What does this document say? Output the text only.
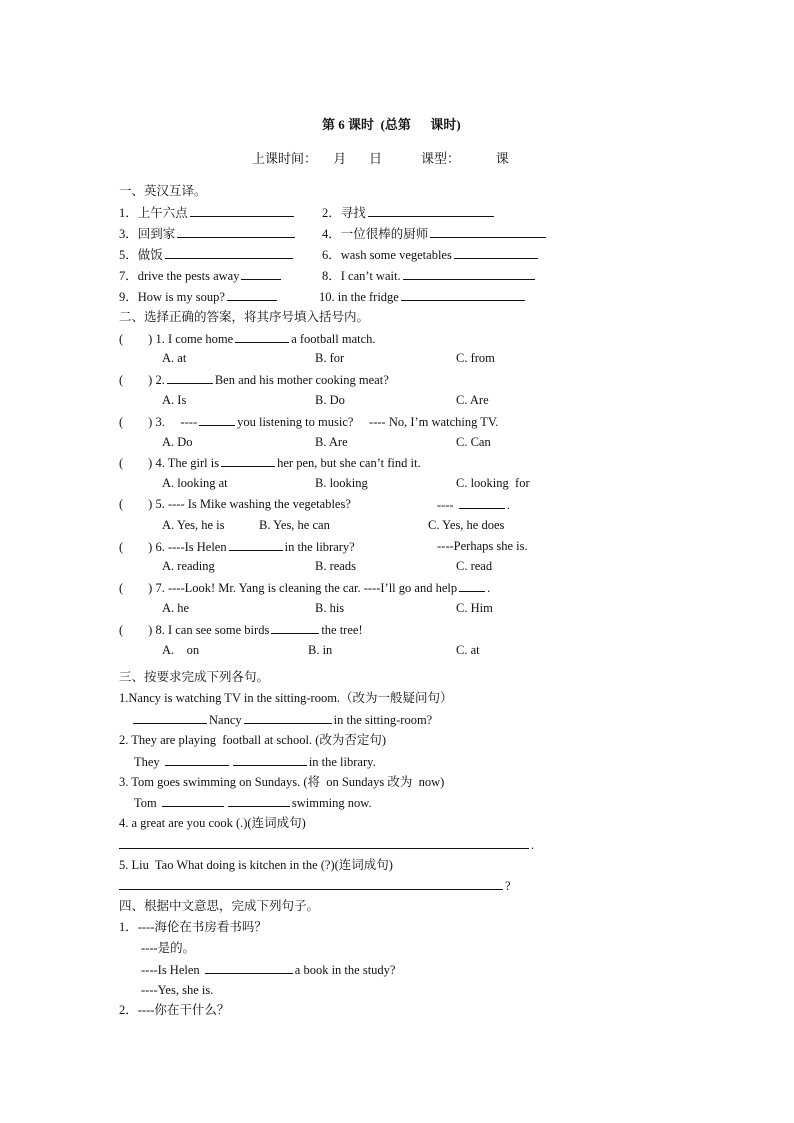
第 6 课时  (总第      课时)
上课时间：     月       日            课型：           课
一、英汉互译。
1．上午六点	2．寻找
3．回到家	4．一位很棒的厨师
5．做饭	6．wash some vegetables
7．drive the pests away	8．I can’t wait.
9．How is my soup?	10. in the fridge
二、选择正确的答案，将其序号填入括号内。
(        ) 1. I come home	a football match.
A. at	B. for	C. from
(        ) 2.	Ben and his mother cooking meat?
A. Is	B. Do	C. Are
(        ) 3.     ----	you listening to music?     ---- No, I’m watching TV.
A. Do	B. Are	C. Can
(        ) 4. The girl is	her pen, but she can’t find it.
A. looking at	B. looking	C. looking  for
(        ) 5. ---- Is Mike washing the vegetables?	----	.
A. Yes, he is	B. Yes, he can	C. Yes, he does
(        ) 6. ----Is Helen	in the library?	----Perhaps she is.
A. reading	B. reads	C. read
(        ) 7. ----Look! Mr. Yang is cleaning the car. ----I’ll go and help .
A. he	B. his	C. Him
(        ) 8. I can see some birds	the tree!
A.    on	B. in	C. at
三、按要求完成下列各句。
1.Nancy is watching TV in the sitting-room.（改为一般疑问句）
Nancy	in the sitting-room?
2. They are playing  football at school. (改为否定句)
They	in the library.
3. Tom goes swimming on Sundays. (将  on Sundays 改为  now)
Tom	swimming now.
4. a great are you cook (.)(连词成句)
.
5. Liu  Tao What doing is kitchen in the (?)(连词成句)
?
四、根据中文意思，完成下列句子。
1．----海伦在书房看书吗？
----是的。
----Is Helen	a book in the study?
----Yes, she is.
2．----你在干什么？
